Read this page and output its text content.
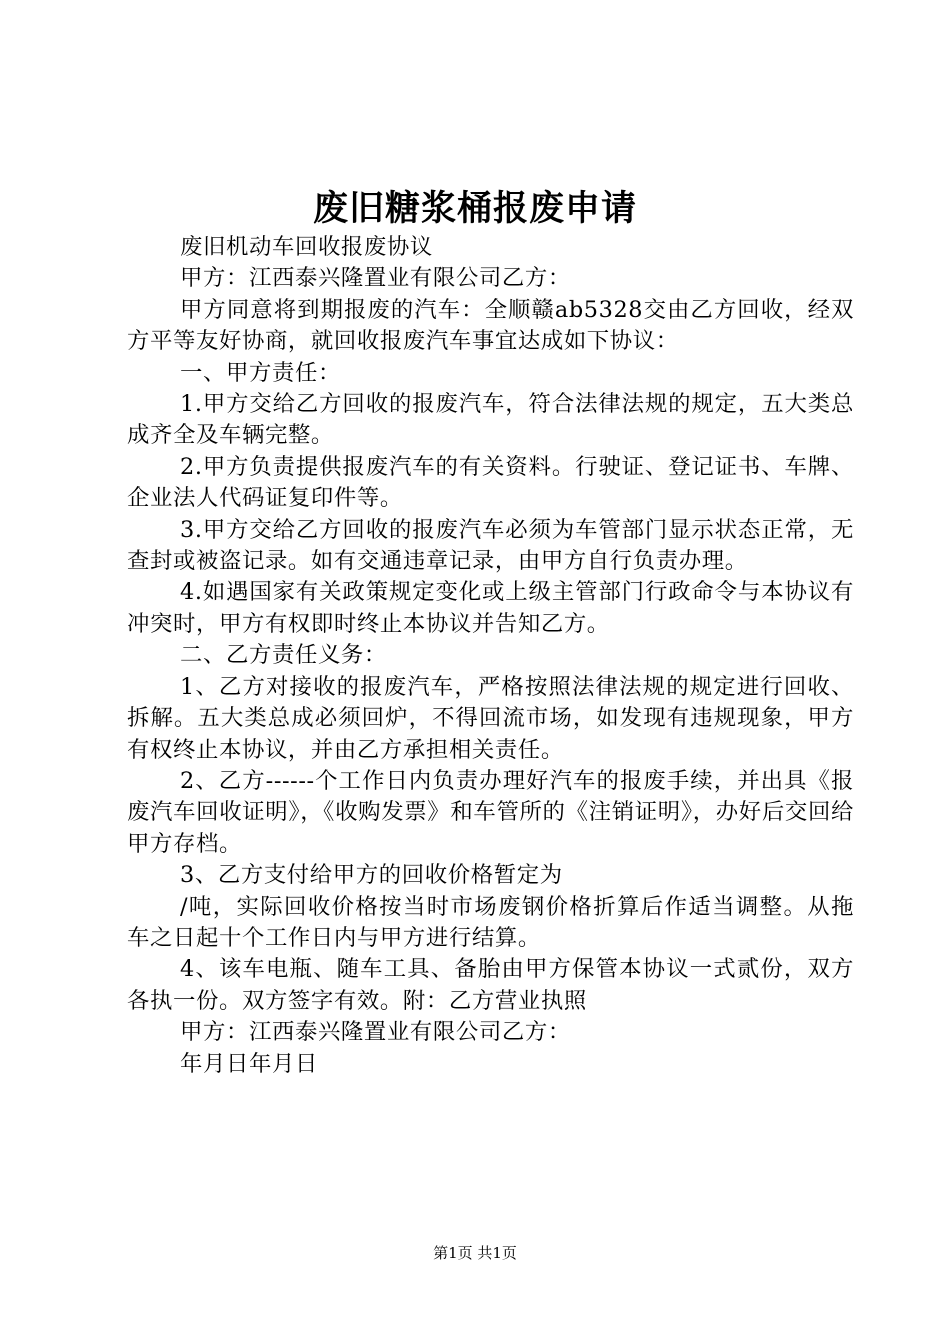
废旧糖浆桶报废申请

废旧机动车回收报废协议

甲方：江西泰兴隆置业有限公司乙方：

甲方同意将到期报废的汽车：全顺赣ab5328交由乙方回收，经双方平等友好协商，就回收报废汽车事宜达成如下协议：

一、甲方责任：

1.甲方交给乙方回收的报废汽车，符合法律法规的规定，五大类总成齐全及车辆完整。

2.甲方负责提供报废汽车的有关资料。行驶证、登记证书、车牌、企业法人代码证复印件等。

3.甲方交给乙方回收的报废汽车必须为车管部门显示状态正常，无查封或被盗记录。如有交通违章记录，由甲方自行负责办理。

4.如遇国家有关政策规定变化或上级主管部门行政命令与本协议有冲突时，甲方有权即时终止本协议并告知乙方。

二、乙方责任义务：

1、乙方对接收的报废汽车，严格按照法律法规的规定进行回收、拆解。五大类总成必须回炉，不得回流市场，如发现有违规现象，甲方有权终止本协议，并由乙方承担相关责任。

2、乙方------个工作日内负责办理好汽车的报废手续，并出具《报废汽车回收证明》，《收购发票》和车管所的《注销证明》，办好后交回给甲方存档。

3、乙方支付给甲方的回收价格暂定为

/吨，实际回收价格按当时市场废钢价格折算后作适当调整。从拖车之日起十个工作日内与甲方进行结算。

4、该车电瓶、随车工具、备胎由甲方保管本协议一式贰份，双方各执一份。双方签字有效。附：乙方营业执照

甲方：江西泰兴隆置业有限公司乙方：

年月日年月日

第1页 共1页
